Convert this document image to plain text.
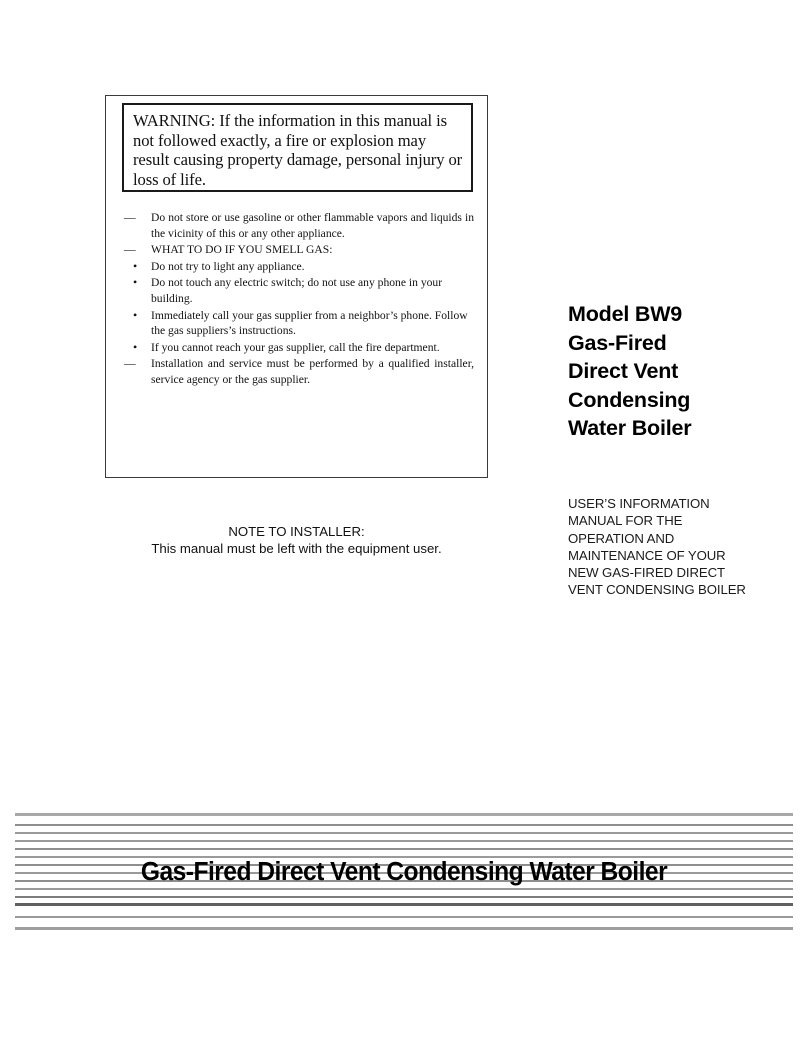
WARNING: If the information in this manual is not followed exactly, a fire or explosion may result causing property damage, personal injury or loss of life.
—	Do not store or use gasoline or other flammable vapors and liquids in the vicinity of this or any other appliance.
—	WHAT TO DO IF YOU SMELL GAS:
•	Do not try to light any appliance.
•	Do not touch any electric switch; do not use any phone in your building.
•	Immediately call your gas supplier from a neighbor’s phone. Follow the gas suppliers’s instructions.
•	If you cannot reach your gas supplier, call the fire department.
—	Installation and service must be performed by a qualified installer, service agency or the gas supplier.
NOTE TO INSTALLER:
This manual must be left with the equipment user.
Model BW9
Gas-Fired
Direct Vent
Condensing
Water Boiler
USER’S INFORMATION
MANUAL FOR THE
OPERATION AND
MAINTENANCE OF YOUR
NEW GAS-FIRED DIRECT
VENT CONDENSING BOILER
Gas-Fired Direct Vent Condensing Water Boiler
